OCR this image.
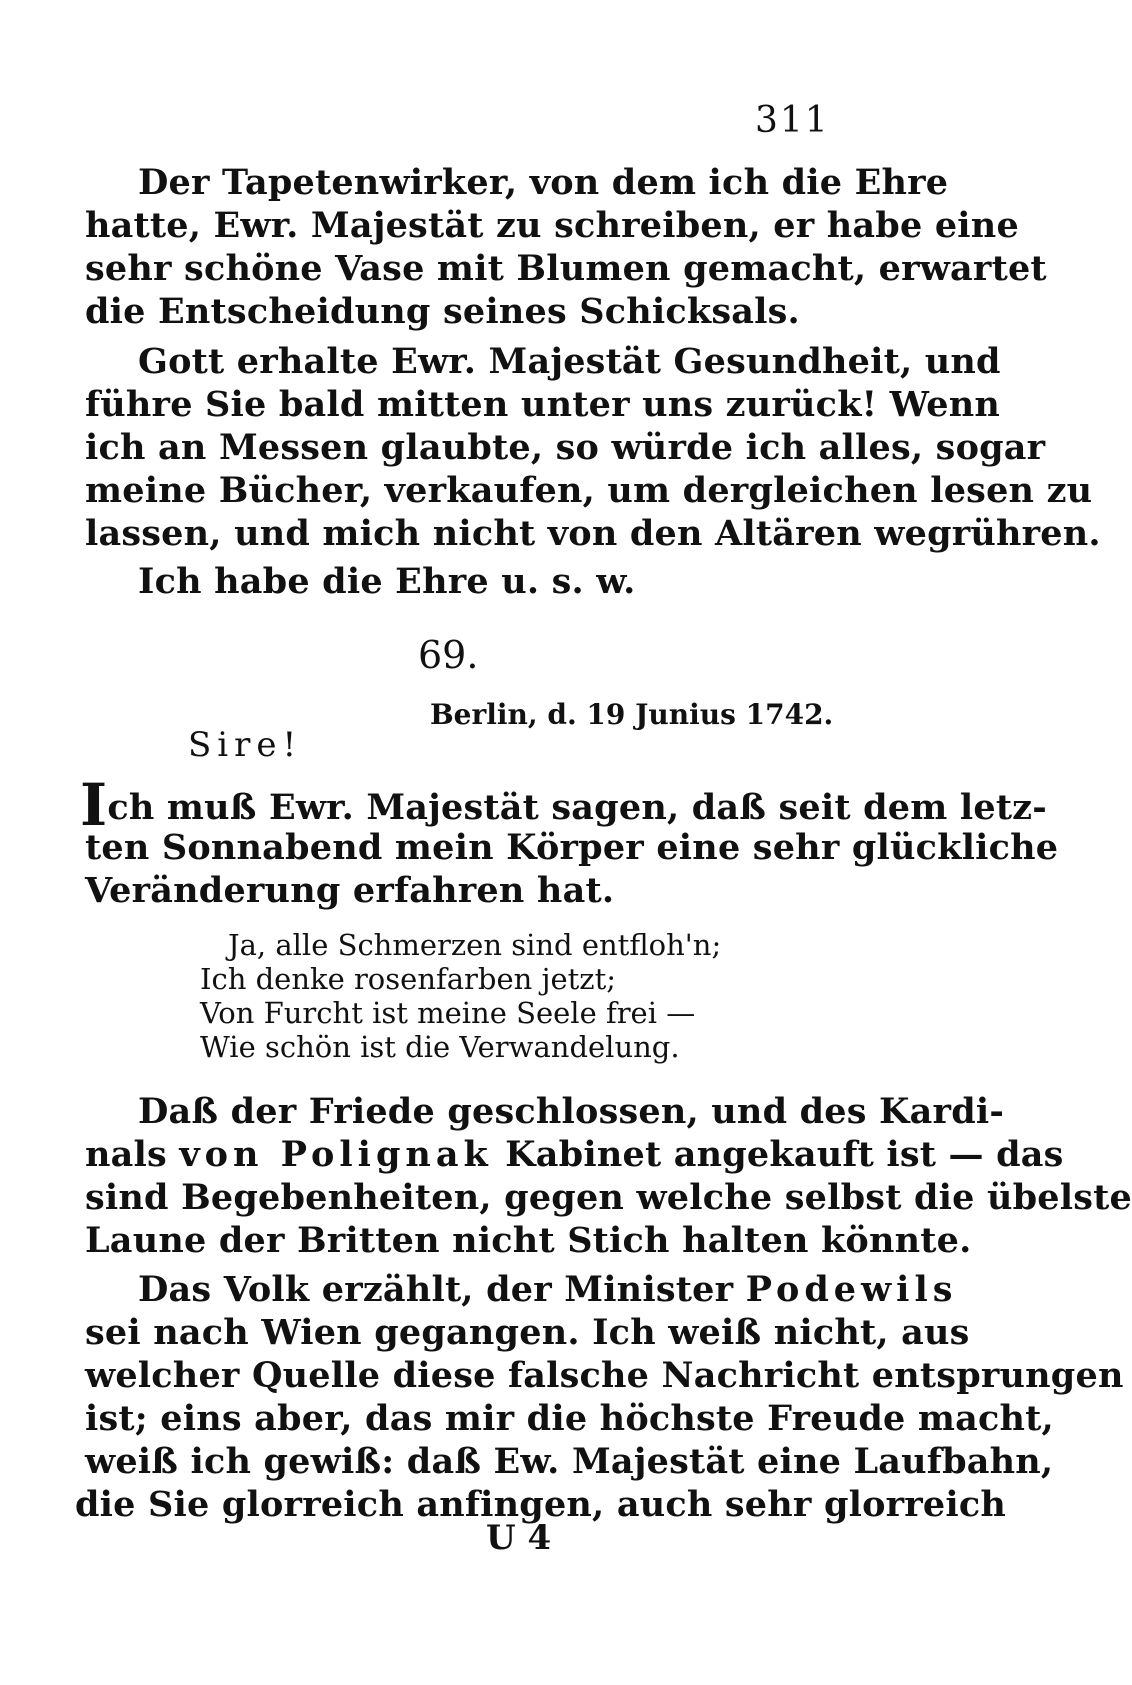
311
Der Tapetenwirker, von dem ich die Ehre
hatte, Ewr. Majestät zu schreiben, er habe eine
sehr schöne Vase mit Blumen gemacht, erwartet
die Entscheidung seines Schicksals.
Gott erhalte Ewr. Majestät Gesundheit, und
führe Sie bald mitten unter uns zurück! Wenn
ich an Messen glaubte, so würde ich alles, sogar
meine Bücher, verkaufen, um dergleichen lesen zu
lassen, und mich nicht von den Altären wegrühren.
Ich habe die Ehre u. s. w.
69.
Berlin, d. 19 Junius 1742.
Sire!
Ich muß Ewr. Majestät sagen, daß seit dem letz-
ten Sonnabend mein Körper eine sehr glückliche
Veränderung erfahren hat.
Ja, alle Schmerzen sind entfloh'n;
Ich denke rosenfarben jetzt;
Von Furcht ist meine Seele frei —
Wie schön ist die Verwandelung.
Daß der Friede geschlossen, und des Kardi-
nals von Polignak Kabinet angekauft ist — das
sind Begebenheiten, gegen welche selbst die übelste
Laune der Britten nicht Stich halten könnte.
Das Volk erzählt, der Minister Podewils
sei nach Wien gegangen. Ich weiß nicht, aus
welcher Quelle diese falsche Nachricht entsprungen
ist; eins aber, das mir die höchste Freude macht,
weiß ich gewiß: daß Ew. Majestät eine Laufbahn,
die Sie glorreich anfingen, auch sehr glorreich
U 4
